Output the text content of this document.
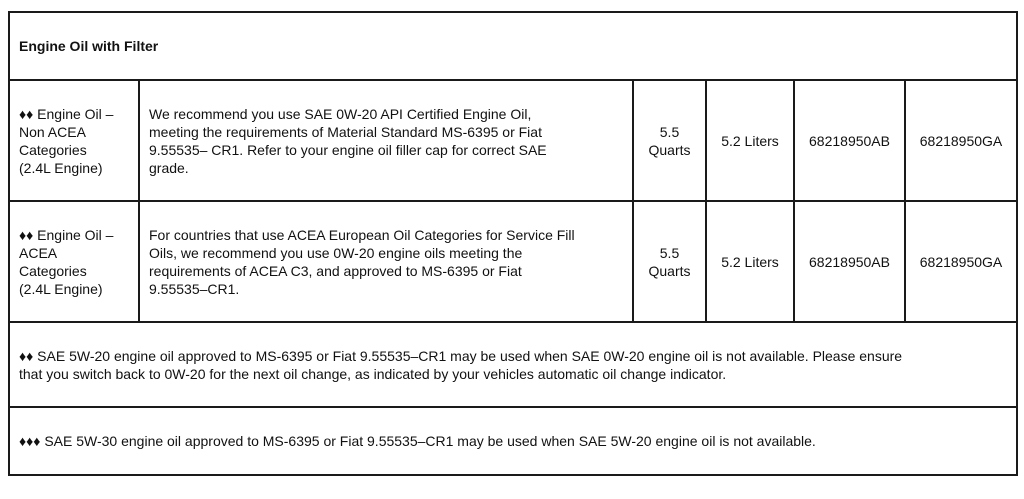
Engine Oil with Filter					

♦♦ Engine Oil –
Non ACEA
Categories
(2.4L Engine)	We recommend you use SAE 0W-20 API Certified Engine Oil,
meeting the requirements of Material Standard MS-6395 or Fiat
9.55535– CR1. Refer to your engine oil filler cap for correct SAE
grade.	5.5
Quarts	5.2 Liters	68218950AB	68218950GA

♦♦ Engine Oil –
ACEA
Categories
(2.4L Engine)	For countries that use ACEA European Oil Categories for Service Fill
Oils, we recommend you use 0W-20 engine oils meeting the
requirements of ACEA C3, and approved to MS-6395 or Fiat
9.55535–CR1.	5.5
Quarts	5.2 Liters	68218950AB	68218950GA

♦♦ SAE 5W-20 engine oil approved to MS-6395 or Fiat 9.55535–CR1 may be used when SAE 0W-20 engine oil is not available. Please ensure
that you switch back to 0W-20 for the next oil change, as indicated by your vehicles automatic oil change indicator.					

♦♦♦ SAE 5W-30 engine oil approved to MS-6395 or Fiat 9.55535–CR1 may be used when SAE 5W-20 engine oil is not available.					
